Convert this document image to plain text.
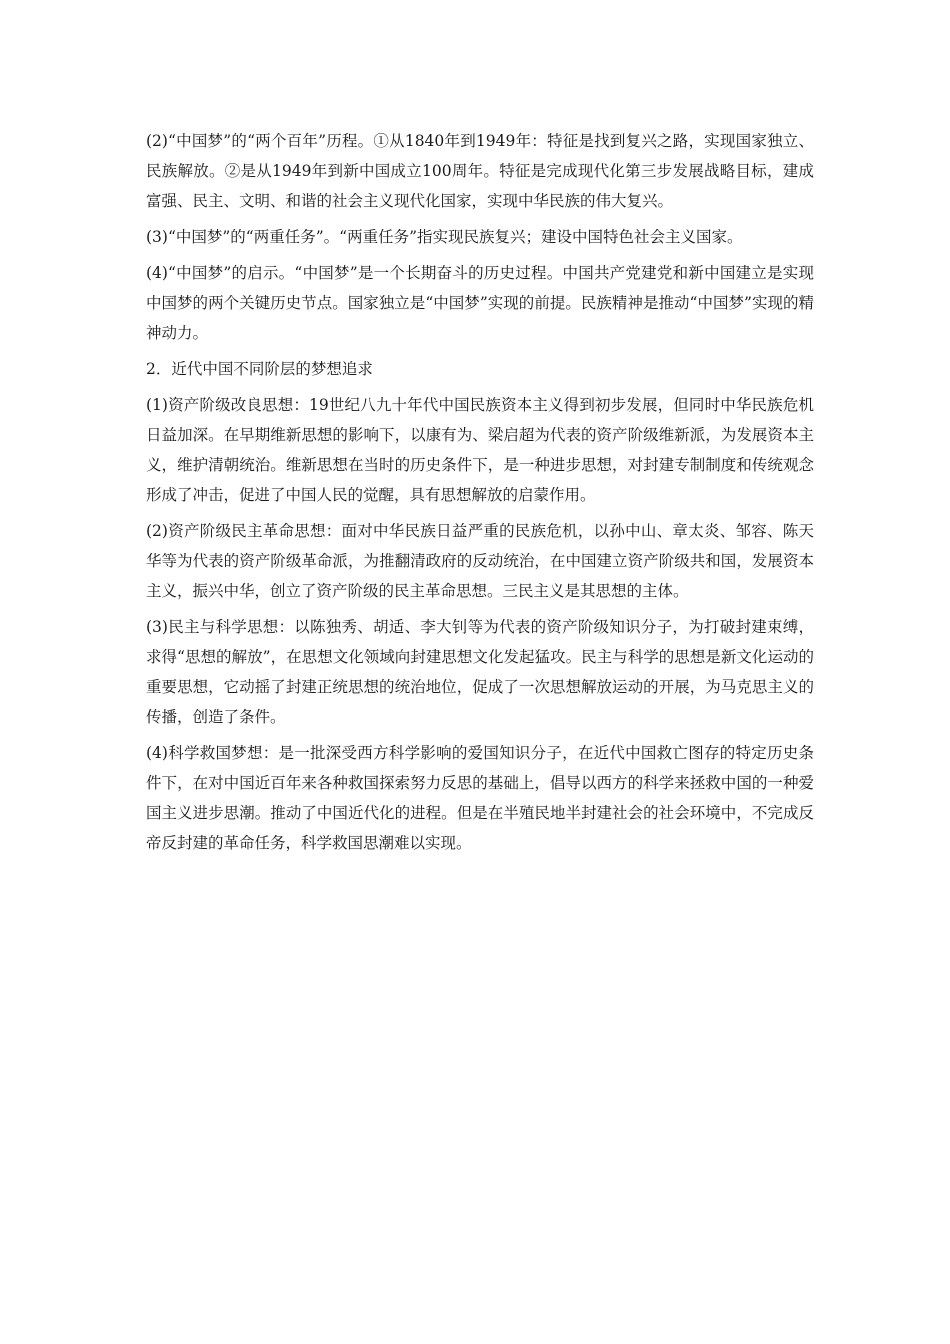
(2)“中国梦”的“两个百年”历程。①从1840年到1949年：特征是找到复兴之路，实现国家独立、民族解放。②是从1949年到新中国成立100周年。特征是完成现代化第三步发展战略目标，建成富强、民主、文明、和谐的社会主义现代化国家，实现中华民族的伟大复兴。

(3)“中国梦”的“两重任务”。“两重任务”指实现民族复兴；建设中国特色社会主义国家。

(4)“中国梦”的启示。“中国梦”是一个长期奋斗的历史过程。中国共产党建党和新中国建立是实现中国梦的两个关键历史节点。国家独立是“中国梦”实现的前提。民族精神是推动“中国梦”实现的精神动力。

2．近代中国不同阶层的梦想追求

(1)资产阶级改良思想：19世纪八九十年代中国民族资本主义得到初步发展，但同时中华民族危机日益加深。在早期维新思想的影响下，以康有为、梁启超为代表的资产阶级维新派，为发展资本主义，维护清朝统治。维新思想在当时的历史条件下，是一种进步思想，对封建专制制度和传统观念形成了冲击，促进了中国人民的觉醒，具有思想解放的启蒙作用。

(2)资产阶级民主革命思想：面对中华民族日益严重的民族危机，以孙中山、章太炎、邹容、陈天华等为代表的资产阶级革命派，为推翻清政府的反动统治，在中国建立资产阶级共和国，发展资本主义，振兴中华，创立了资产阶级的民主革命思想。三民主义是其思想的主体。

(3)民主与科学思想：以陈独秀、胡适、李大钊等为代表的资产阶级知识分子，为打破封建束缚，求得“思想的解放”，在思想文化领域向封建思想文化发起猛攻。民主与科学的思想是新文化运动的重要思想，它动摇了封建正统思想的统治地位，促成了一次思想解放运动的开展，为马克思主义的传播，创造了条件。

(4)科学救国梦想：是一批深受西方科学影响的爱国知识分子，在近代中国救亡图存的特定历史条件下，在对中国近百年来各种救国探索努力反思的基础上，倡导以西方的科学来拯救中国的一种爱国主义进步思潮。推动了中国近代化的进程。但是在半殖民地半封建社会的社会环境中，不完成反帝反封建的革命任务，科学救国思潮难以实现。
